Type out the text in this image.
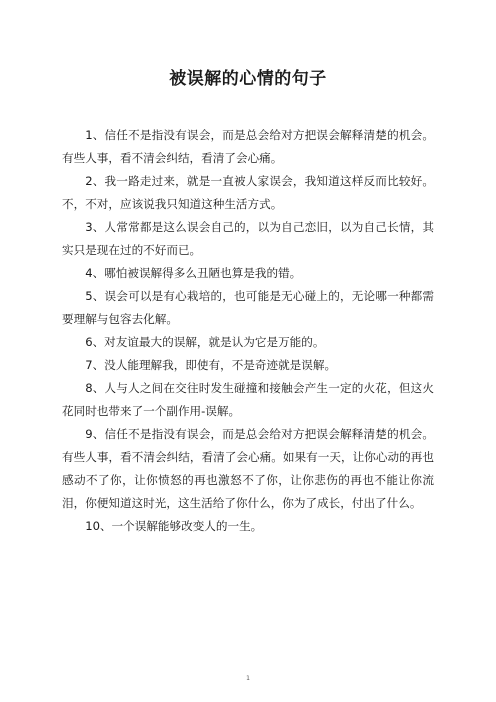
被误解的心情的句子

1、信任不是指没有误会，而是总会给对方把误会解释清楚的机会。有些人事，看不清会纠结，看清了会心痛。

2、我一路走过来，就是一直被人家误会，我知道这样反而比较好。不，不对，应该说我只知道这种生活方式。

3、人常常都是这么误会自己的，以为自己恋旧，以为自己长情，其实只是现在过的不好而已。

4、哪怕被误解得多么丑陋也算是我的错。

5、误会可以是有心栽培的，也可能是无心碰上的，无论哪一种都需要理解与包容去化解。

6、对友谊最大的误解，就是认为它是万能的。

7、没人能理解我，即使有，不是奇迹就是误解。

8、人与人之间在交往时发生碰撞和接触会产生一定的火花，但这火花同时也带来了一个副作用-误解。

9、信任不是指没有误会，而是总会给对方把误会解释清楚的机会。有些人事，看不清会纠结，看清了会心痛。如果有一天，让你心动的再也感动不了你，让你愤怒的再也激怒不了你，让你悲伤的再也不能让你流泪，你便知道这时光，这生活给了你什么，你为了成长，付出了什么。

10、一个误解能够改变人的一生。

1
